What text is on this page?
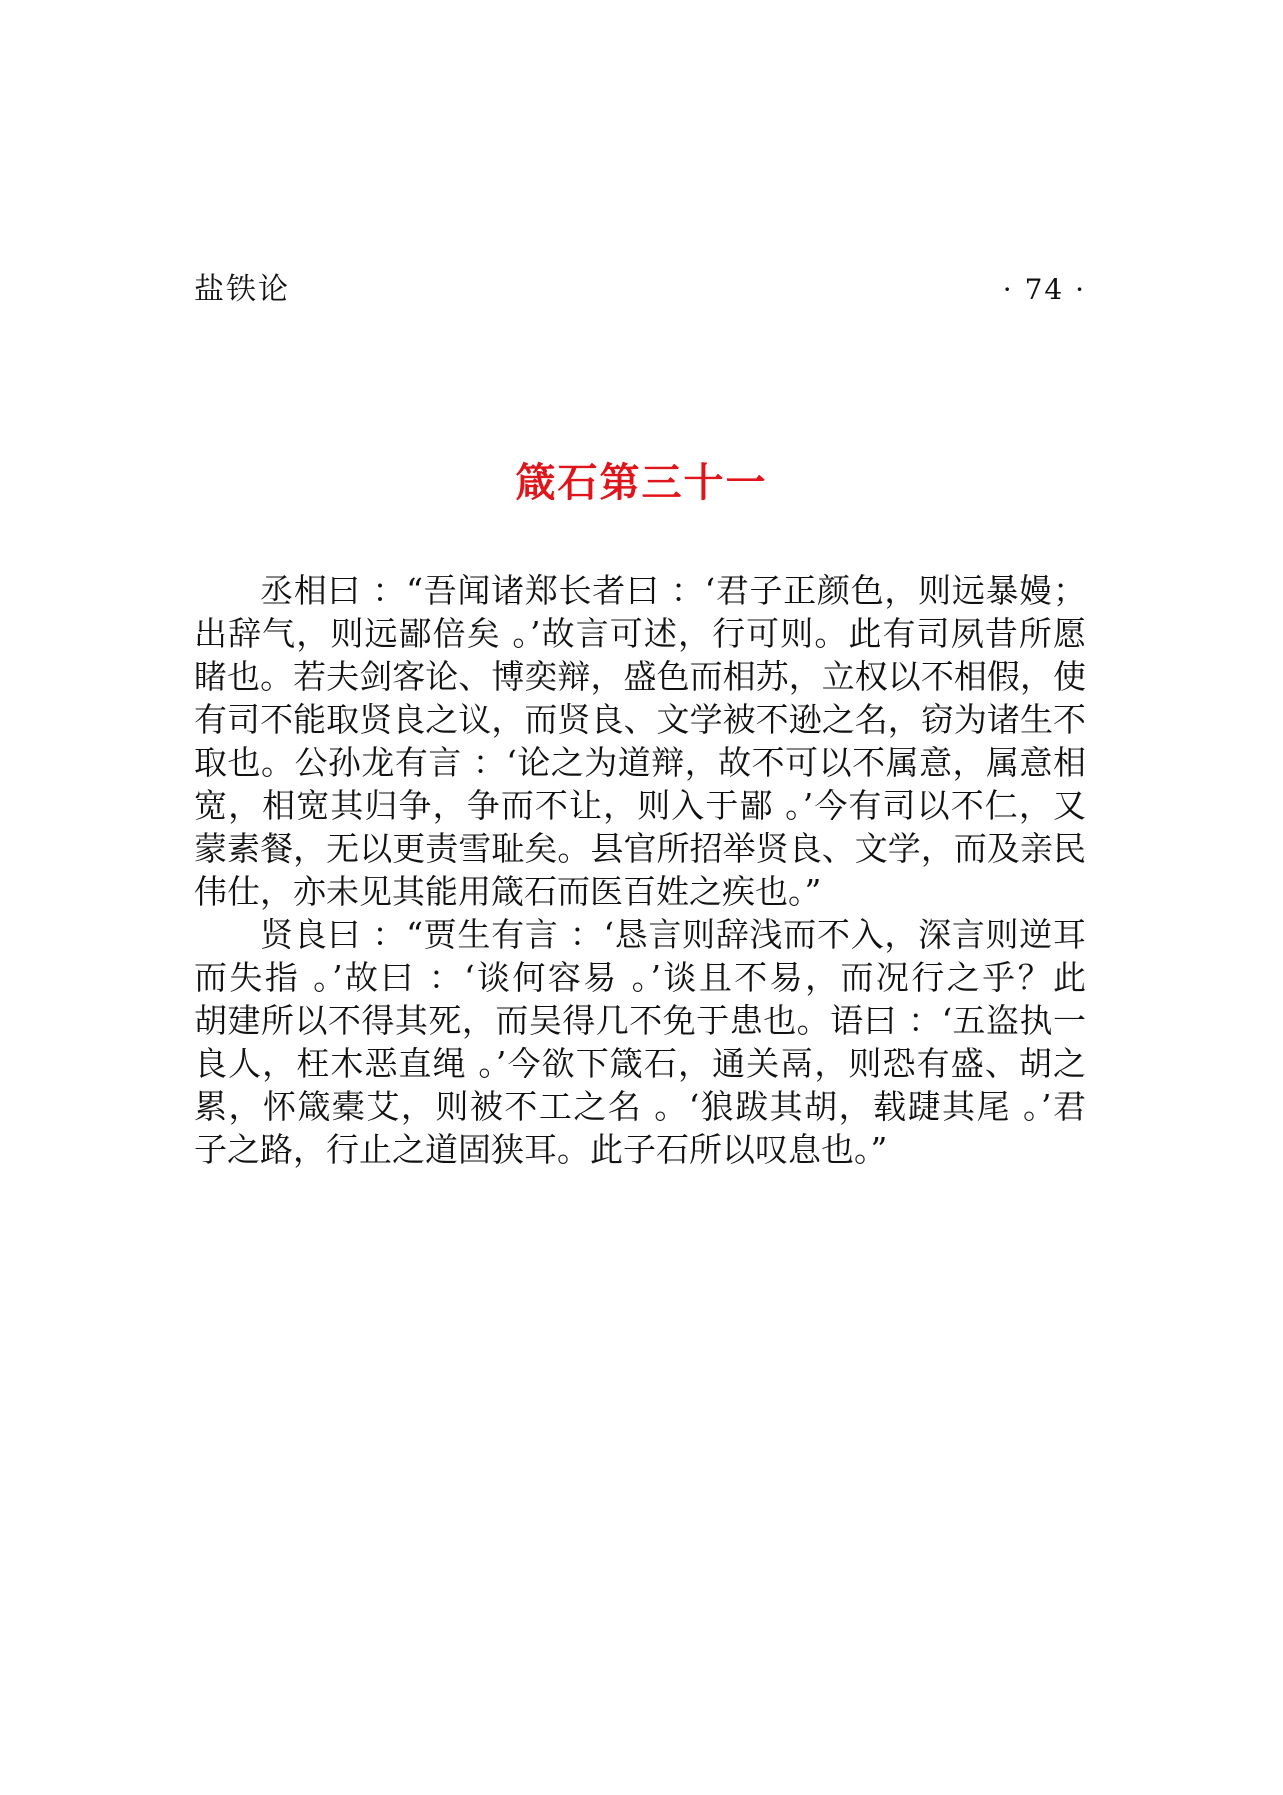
盐铁论	· 74 ·
箴石第三十一
丞相曰 ：“吾闻诸郑长者曰 ：‘君子正颜色，则远暴嫚；
出辞气，则远鄙倍矣 。’故言可述，行可则。此有司夙昔所愿
睹也。若夫剑客论、博奕辩，盛色而相苏，立权以不相假，使
有司不能取贤良之议，而贤良、文学被不逊之名，窃为诸生不
取也。公孙龙有言 ：‘论之为道辩，故不可以不属意，属意相
宽，相宽其归争，争而不让，则入于鄙 。’今有司以不仁，又
蒙素餐，无以更责雪耻矣。县官所招举贤良、文学，而及亲民
伟仕，亦未见其能用箴石而医百姓之疾也。”
贤良曰 ：“贾生有言 ：‘恳言则辞浅而不入，深言则逆耳
而失指 。’故曰 ：‘谈何容易 。’谈且不易，而况行之乎？此
胡建所以不得其死，而吴得几不免于患也。语曰 ：‘五盗执一
良人，枉木恶直绳 。’今欲下箴石，通关鬲，则恐有盛、胡之
累，怀箴橐艾，则被不工之名 。‘狼跋其胡，载踕其尾 。’君
子之路，行止之道固狭耳。此子石所以叹息也。”
